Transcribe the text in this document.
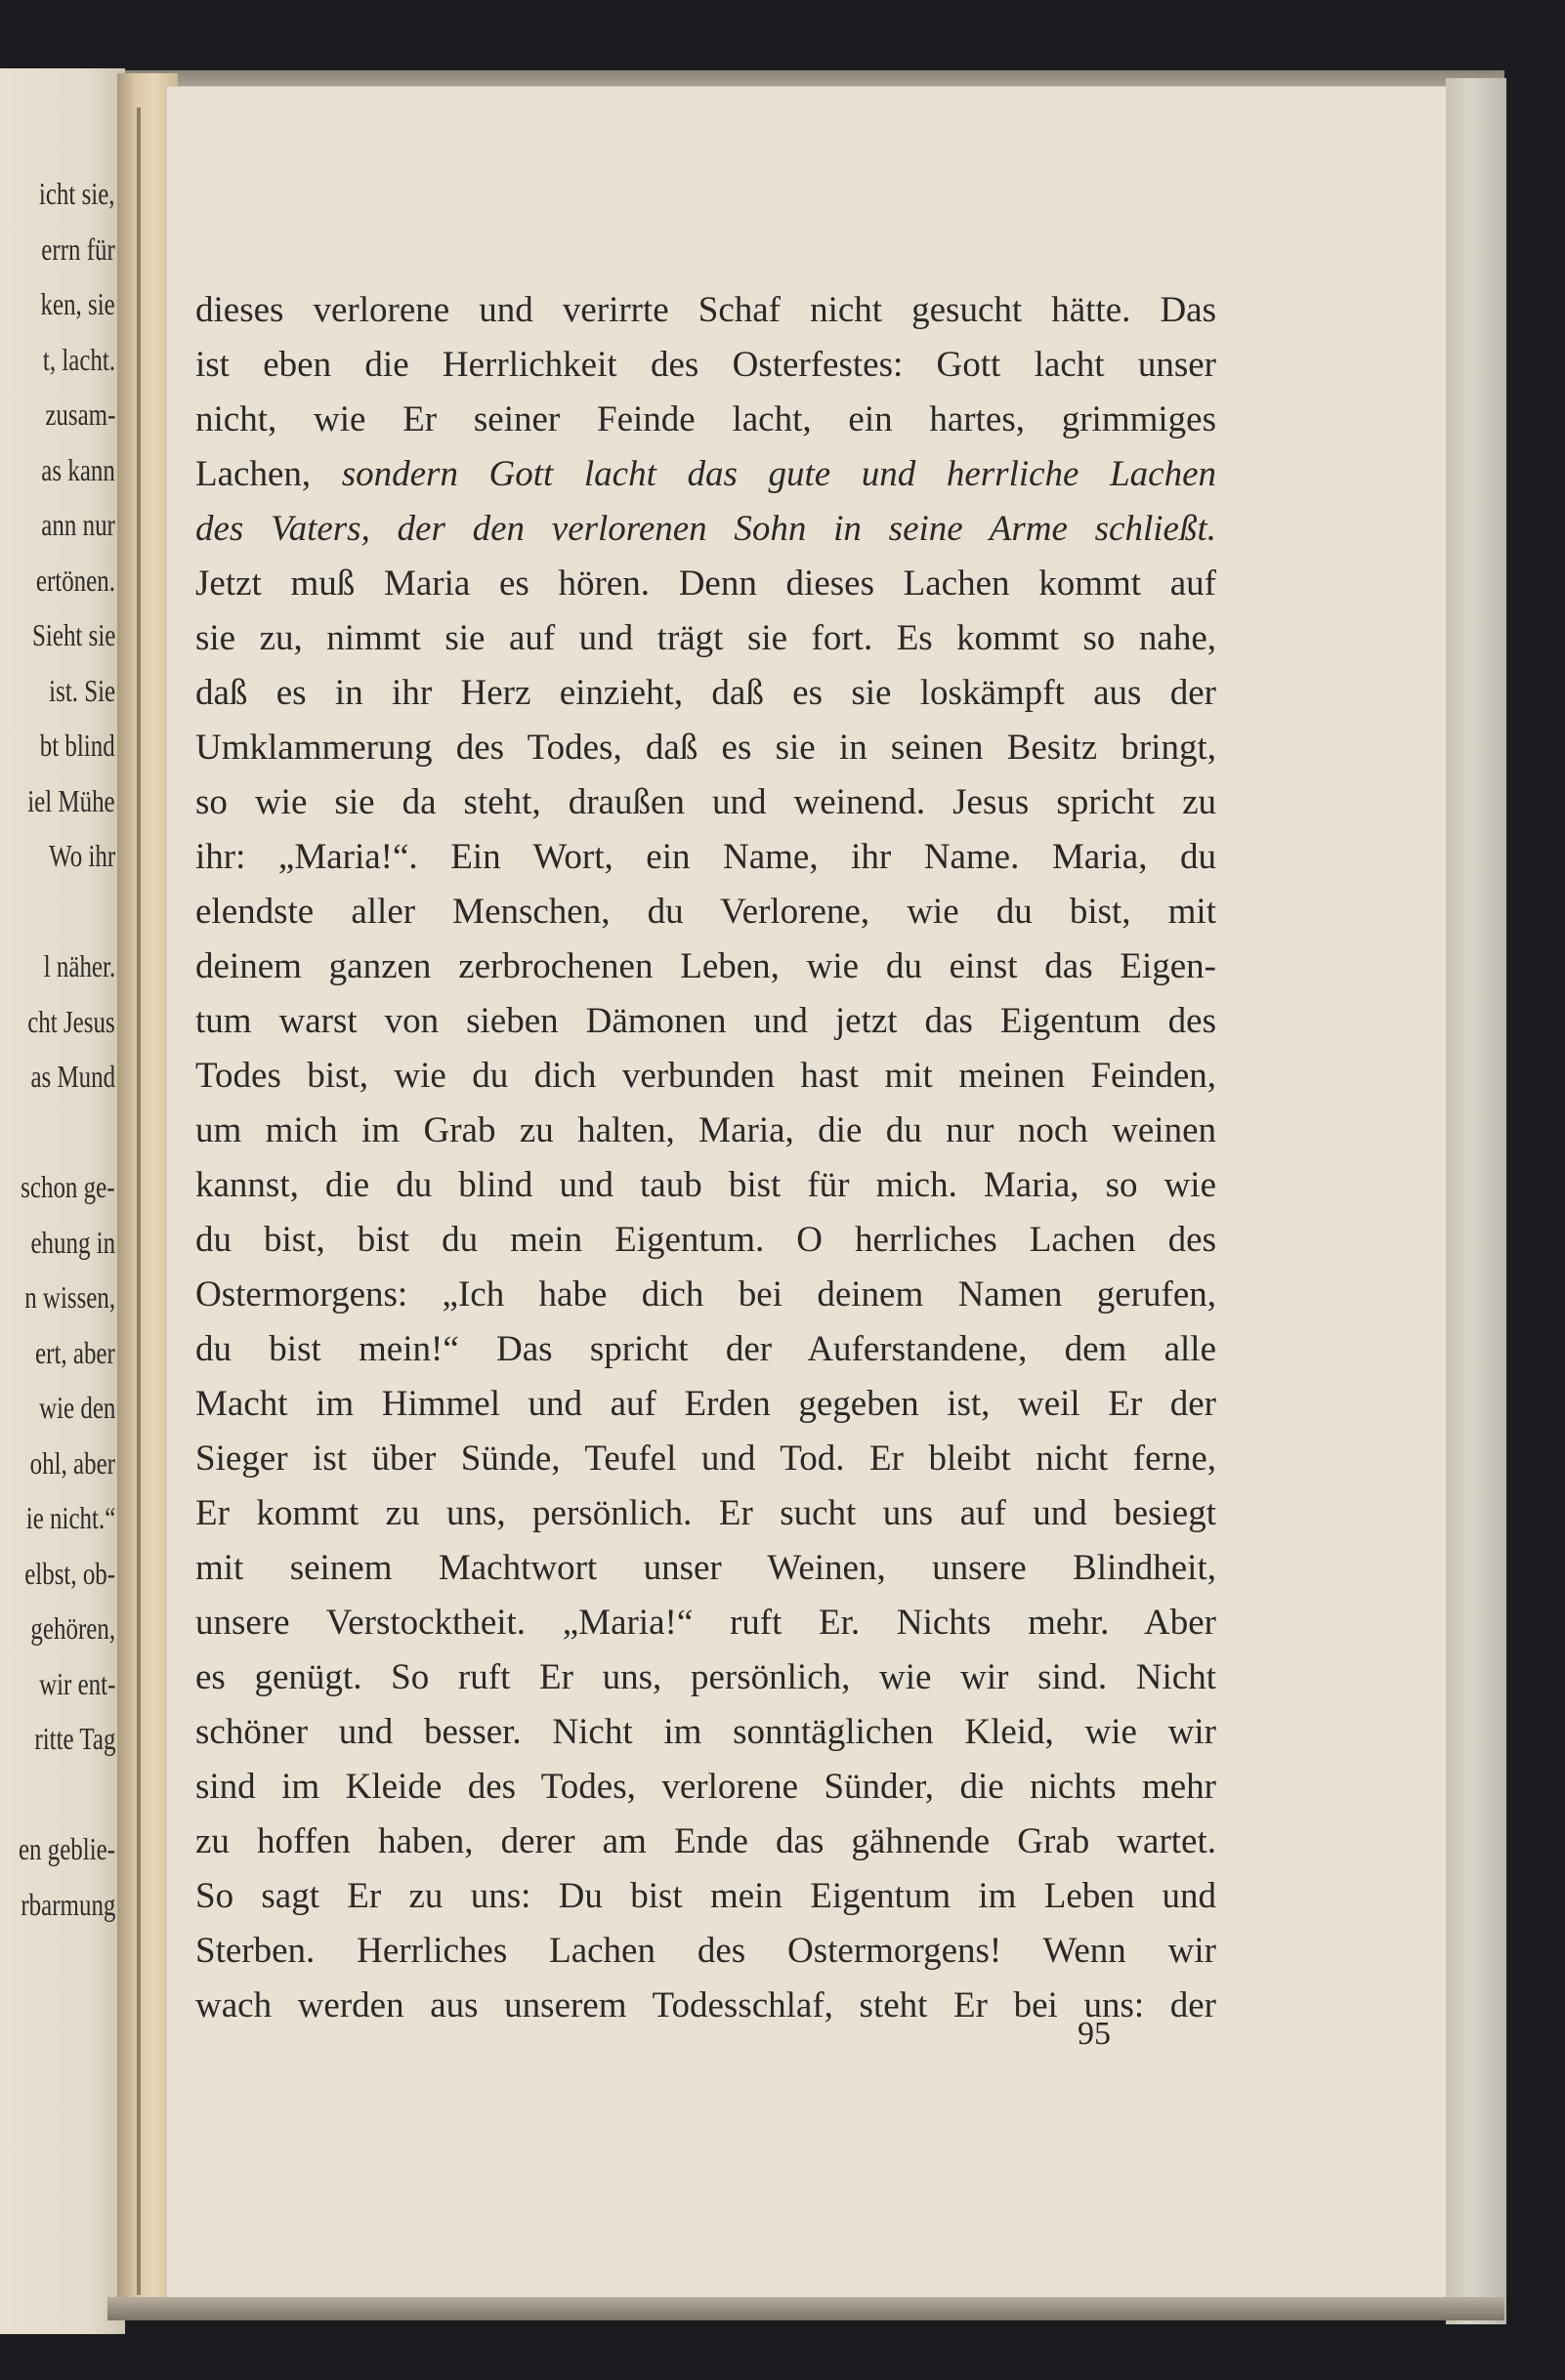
icht sie,
errn für
ken, sie
t, lacht.
zusam-
as kann
ann nur
ertönen.
Sieht sie
ist. Sie
bt blind
iel Mühe
Wo ihr
l näher.
cht Jesus
as Mund
schon ge-
ehung in
n wissen,
ert, aber
wie den
ohl, aber
ie nicht.“
elbst, ob-
gehören,
wir ent-
ritte Tag
en geblie-
rbarmung
dieses verlorene und verirrte Schaf nicht gesucht hätte. Das
ist eben die Herrlichkeit des Osterfestes: Gott lacht unser
nicht, wie Er seiner Feinde lacht, ein hartes, grimmiges
Lachen, sondern Gott lacht das gute und herrliche Lachen
des Vaters, der den verlorenen Sohn in seine Arme schließt.
Jetzt muß Maria es hören. Denn dieses Lachen kommt auf
sie zu, nimmt sie auf und trägt sie fort. Es kommt so nahe,
daß es in ihr Herz einzieht, daß es sie loskämpft aus der
Umklammerung des Todes, daß es sie in seinen Besitz bringt,
so wie sie da steht, draußen und weinend. Jesus spricht zu
ihr: „Maria!“. Ein Wort, ein Name, ihr Name. Maria, du
elendste aller Menschen, du Verlorene, wie du bist, mit
deinem ganzen zerbrochenen Leben, wie du einst das Eigen-
tum warst von sieben Dämonen und jetzt das Eigentum des
Todes bist, wie du dich verbunden hast mit meinen Feinden,
um mich im Grab zu halten, Maria, die du nur noch weinen
kannst, die du blind und taub bist für mich. Maria, so wie
du bist, bist du mein Eigentum. O herrliches Lachen des
Ostermorgens: „Ich habe dich bei deinem Namen gerufen,
du bist mein!“ Das spricht der Auferstandene, dem alle
Macht im Himmel und auf Erden gegeben ist, weil Er der
Sieger ist über Sünde, Teufel und Tod. Er bleibt nicht ferne,
Er kommt zu uns, persönlich. Er sucht uns auf und besiegt
mit seinem Machtwort unser Weinen, unsere Blindheit,
unsere Verstocktheit. „Maria!“ ruft Er. Nichts mehr. Aber
es genügt. So ruft Er uns, persönlich, wie wir sind. Nicht
schöner und besser. Nicht im sonntäglichen Kleid, wie wir
sind im Kleide des Todes, verlorene Sünder, die nichts mehr
zu hoffen haben, derer am Ende das gähnende Grab wartet.
So sagt Er zu uns: Du bist mein Eigentum im Leben und
Sterben. Herrliches Lachen des Ostermorgens! Wenn wir
wach werden aus unserem Todesschlaf, steht Er bei uns: der
95
